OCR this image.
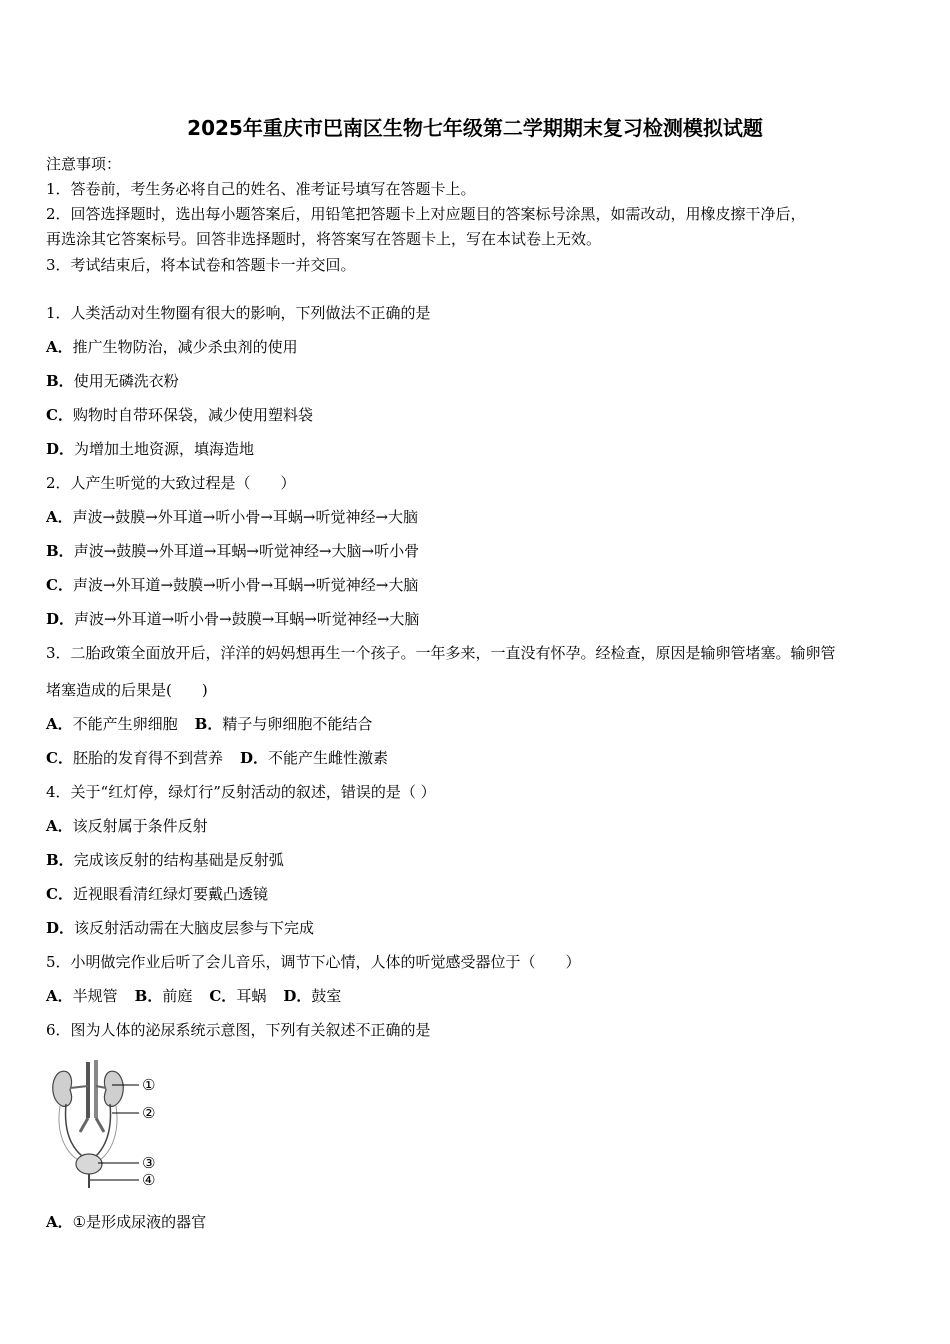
2025年重庆市巴南区生物七年级第二学期期末复习检测模拟试题
注意事项：
1．答卷前，考生务必将自己的姓名、准考证号填写在答题卡上。
2．回答选择题时，选出每小题答案后，用铅笔把答题卡上对应题目的答案标号涂黑，如需改动，用橡皮擦干净后，
再选涂其它答案标号。回答非选择题时，将答案写在答题卡上，写在本试卷上无效。
3．考试结束后，将本试卷和答题卡一并交回。
1．人类活动对生物圈有很大的影响，下列做法不正确的是
A．推广生物防治，减少杀虫剂的使用
B．使用无磷洗衣粉
C．购物时自带环保袋，减少使用塑料袋
D．为增加土地资源，填海造地
2．人产生听觉的大致过程是（　　）
A．声波→鼓膜→外耳道→听小骨→耳蜗→听觉神经→大脑
B．声波→鼓膜→外耳道→耳蜗→听觉神经→大脑→听小骨
C．声波→外耳道→鼓膜→听小骨→耳蜗→听觉神经→大脑
D．声波→外耳道→听小骨→鼓膜→耳蜗→听觉神经→大脑
3．二胎政策全面放开后，洋洋的妈妈想再生一个孩子。一年多来，一直没有怀孕。经检查，原因是输卵管堵塞。输卵管
堵塞造成的后果是(　　)
A．不能产生卵细胞 B．精子与卵细胞不能结合
C．胚胎的发育得不到营养 D．不能产生雌性激素
4．关于“红灯停，绿灯行”反射活动的叙述，错误的是（ ）
A．该反射属于条件反射
B．完成该反射的结构基础是反射弧
C．近视眼看清红绿灯要戴凸透镜
D．该反射活动需在大脑皮层参与下完成
5．小明做完作业后听了会儿音乐，调节下心情，人体的听觉感受器位于（　　）
A．半规管 B．前庭 C．耳蜗 D．鼓室
6．图为人体的泌尿系统示意图，下列有关叙述不正确的是
①
②
③
④
A．①是形成尿液的器官
